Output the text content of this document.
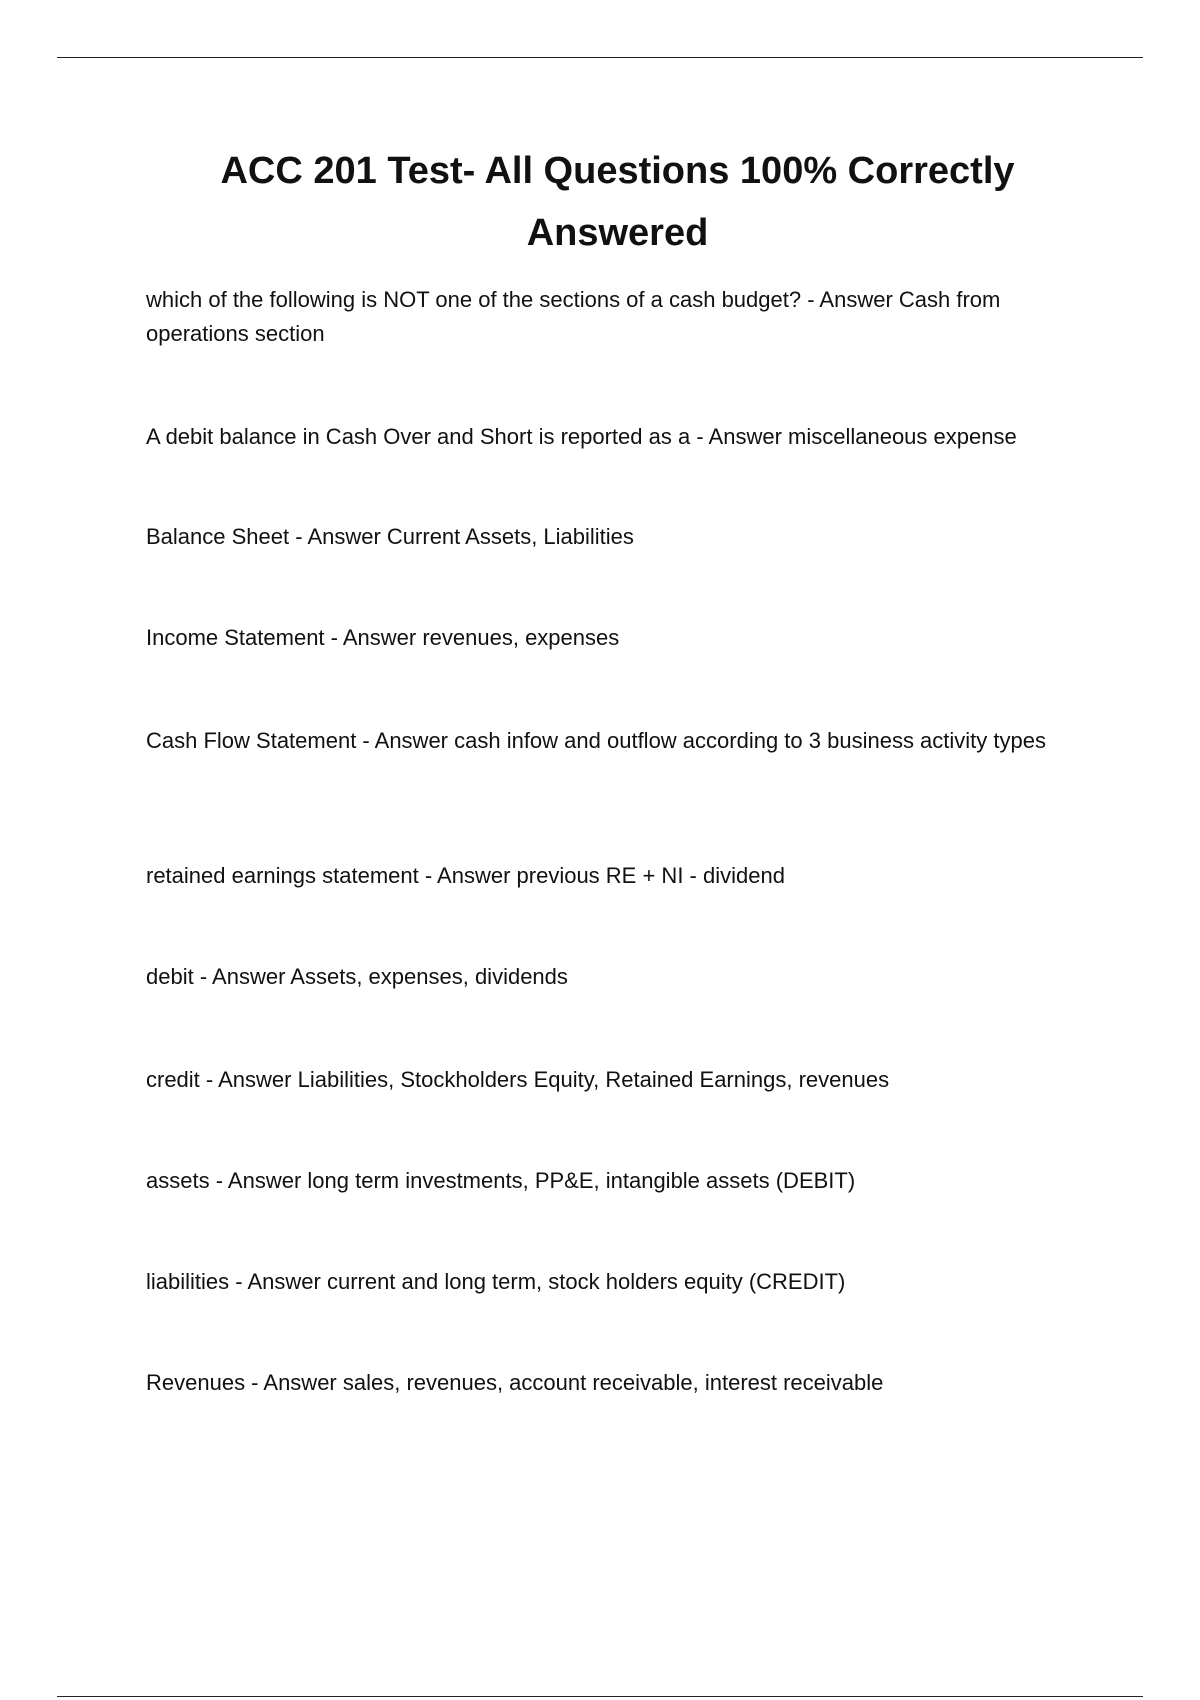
ACC 201 Test- All Questions 100% Correctly Answered

which of the following is NOT one of the sections of a cash budget? - Answer Cash from operations section

A debit balance in Cash Over and Short is reported as a - Answer miscellaneous expense

Balance Sheet - Answer Current Assets, Liabilities

Income Statement - Answer revenues, expenses

Cash Flow Statement - Answer cash infow and outflow according to 3 business activity types

retained earnings statement - Answer previous RE + NI - dividend

debit - Answer Assets, expenses, dividends

credit - Answer Liabilities, Stockholders Equity, Retained Earnings, revenues

assets - Answer long term investments, PP&E, intangible assets (DEBIT)

liabilities - Answer current and long term, stock holders equity (CREDIT)

Revenues - Answer sales, revenues, account receivable, interest receivable
